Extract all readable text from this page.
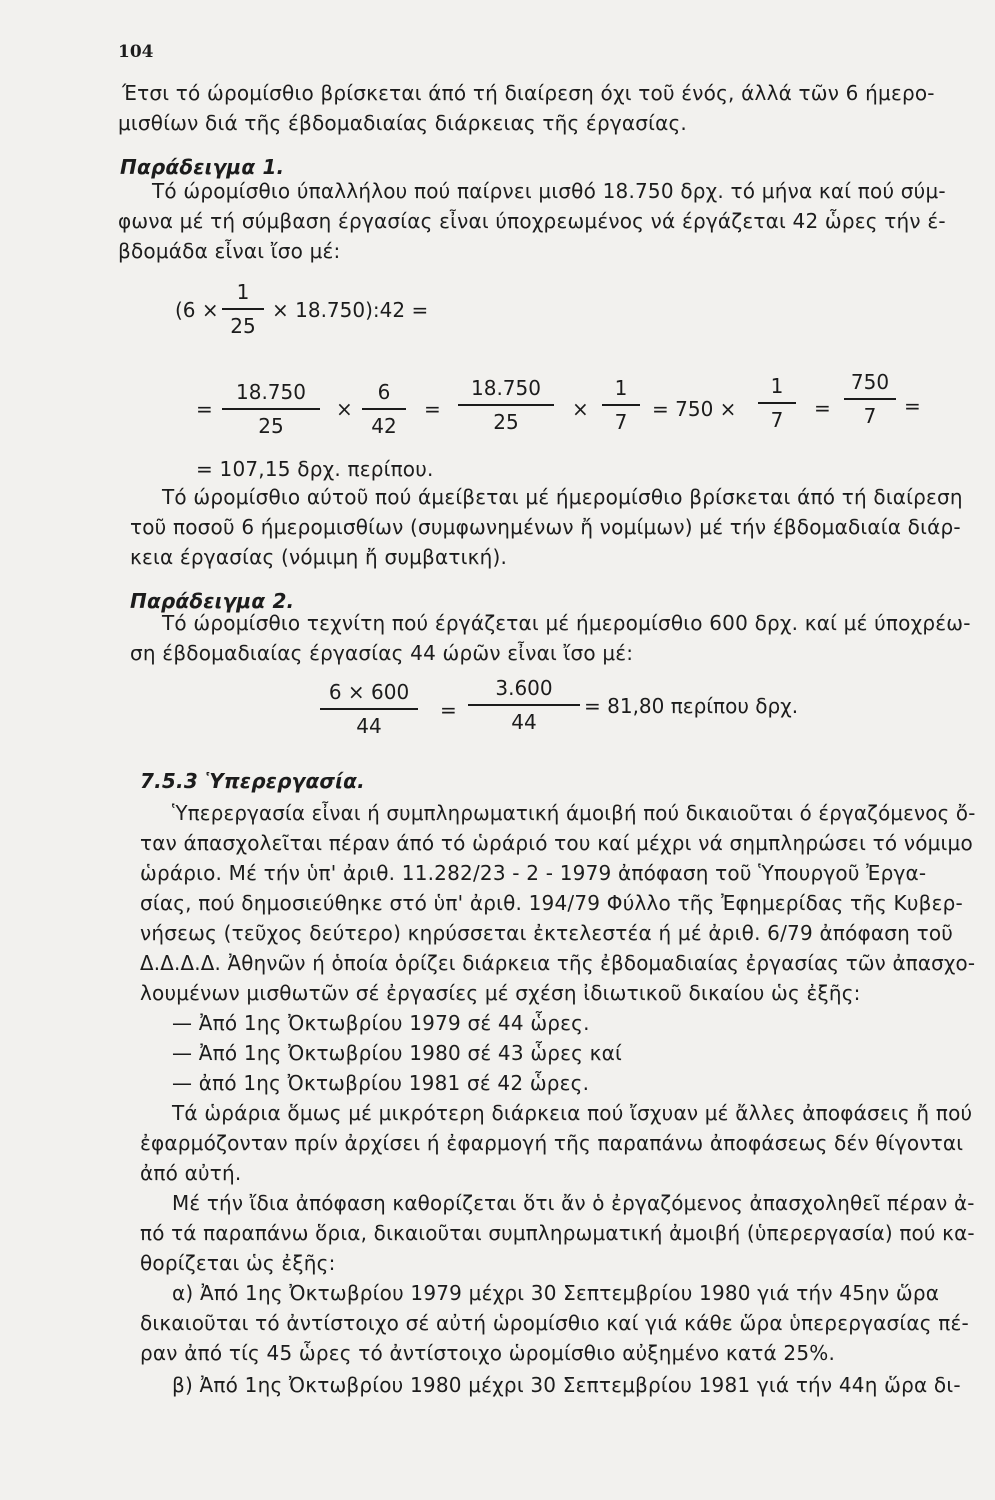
104
Έτσι τό ώρομίσθιο βρίσκεται άπό τή διαίρεση όχι τοῦ ένός, άλλά τῶν 6 ήμερο-
μισθίων διά τῆς έβδομαδιαίας διάρκειας τῆς έργασίας.
Παράδειγμα 1.
Τό ώρομίσθιο ύπαλλήλου πού παίρνει μισθό 18.750 δρχ. τό μήνα καί πού σύμ-
φωνα μέ τή σύμβαση έργασίας εἶναι ύποχρεωμένος νά έργάζεται 42 ὧρες τήν έ-
βδομάδα εἶναι ἴσο μέ:
(6 ×
1
25
× 18.750):42 =
=
18.750
25
×
6
42
=
18.750
25
×
1
7
= 750 ×
1
7 =
750
7 =
= 107,15 δρχ. περίπου.
Τό ώρομίσθιο αύτοῦ πού άμείβεται μέ ήμερομίσθιο βρίσκεται άπό τή διαίρεση
τοῦ ποσοῦ 6 ήμερομισθίων (συμφωνημένων ἤ νομίμων) μέ τήν έβδομαδιαία διάρ-
κεια έργασίας (νόμιμη ἤ συμβατική).
Παράδειγμα 2.
Τό ώρομίσθιο τεχνίτη πού έργάζεται μέ ήμερομίσθιο 600 δρχ. καί μέ ύποχρέω-
ση έβδομαδιαίας έργασίας 44 ώρῶν εἶναι ἴσο μέ:
6 × 600
44
=
3.600
44
= 81,80 περίπου δρχ.
7.5.3 Ὑπερεργασία.
Ὑπερεργασία εἶναι ή συμπληρωματική άμοιβή πού δικαιοῦται ό έργαζόμενος ὄ-
ταν άπασχολεῖται πέραν άπό τό ὡράριό του καί μέχρι νά σημπληρώσει τό νόμιμο
ὡράριο. Μέ τήν ὑπ' ἀριθ. 11.282/23 - 2 - 1979 ἀπόφαση τοῦ Ὑπουργοῦ Ἐργα-
σίας, πού δημοσιεύθηκε στό ὑπ' ἀριθ. 194/79 Φύλλο τῆς Ἐφημερίδας τῆς Κυβερ-
νήσεως (τεῦχος δεύτερο) κηρύσσεται ἐκτελεστέα ή μέ ἀριθ. 6/79 ἀπόφαση τοῦ
Δ.Δ.Δ.Δ. Ἀθηνῶν ή ὁποία ὁρίζει διάρκεια τῆς ἐβδομαδιαίας ἐργασίας τῶν ἀπασχο-
λουμένων μισθωτῶν σέ ἐργασίες μέ σχέση ἰδιωτικοῦ δικαίου ὡς ἐξῆς:
— Ἀπό 1ης Ὀκτωβρίου 1979 σέ 44 ὧρες.
— Ἀπό 1ης Ὀκτωβρίου 1980 σέ 43 ὧρες καί
— ἀπό 1ης Ὀκτωβρίου 1981 σέ 42 ὧρες.
Τά ὡράρια ὅμως μέ μικρότερη διάρκεια πού ἴσχυαν μέ ἄλλες ἀποφάσεις ἤ πού
ἐφαρμόζονταν πρίν ἀρχίσει ή ἐφαρμογή τῆς παραπάνω ἀποφάσεως δέν θίγονται
ἀπό αὐτή.
Μέ τήν ἴδια ἀπόφαση καθορίζεται ὅτι ἄν ὁ ἐργαζόμενος ἀπασχοληθεῖ πέραν ἀ-
πό τά παραπάνω ὅρια, δικαιοῦται συμπληρωματική ἀμοιβή (ὑπερεργασία) πού κα-
θορίζεται ὡς ἐξῆς:
α) Ἀπό 1ης Ὀκτωβρίου 1979 μέχρι 30 Σεπτεμβρίου 1980 γιά τήν 45ην ὥρα
δικαιοῦται τό ἀντίστοιχο σέ αὐτή ὡρομίσθιο καί γιά κάθε ὥρα ὑπερεργασίας πέ-
ραν ἀπό τίς 45 ὧρες τό ἀντίστοιχο ὡρομίσθιο αὐξημένο κατά 25%.
β) Ἀπό 1ης Ὀκτωβρίου 1980 μέχρι 30 Σεπτεμβρίου 1981 γιά τήν 44η ὥρα δι-
